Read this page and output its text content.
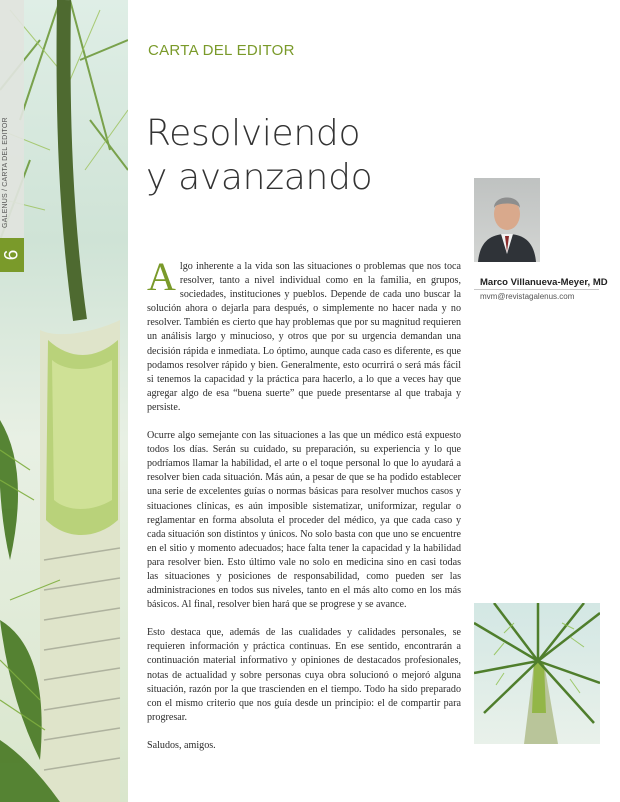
GALENUS / CARTA DEL EDITOR
6
CARTA DEL EDITOR
Resolviendo
y avanzando

Algo inherente a la vida son las situaciones o problemas que nos toca resolver, tanto a nivel individual como en la familia, en grupos, sociedades, instituciones y pueblos. Depende de cada uno buscar la solución ahora o dejarla para después, o simplemente no hacer nada y no resolver. También es cierto que hay problemas que por su magnitud requieren un análisis largo y minucioso, y otros que por su urgencia demandan una decisión rápida e inmediata. Lo óptimo, aunque cada caso es diferente, es que podamos resolver rápido y bien. Generalmente, esto ocurrirá o será más fácil si tenemos la capacidad y la práctica para hacerlo, a lo que a veces hay que agregar algo de esa “buena suerte” que puede presentarse al que trabaja y persiste.

Ocurre algo semejante con las situaciones a las que un médico está expuesto todos los días. Serán su cuidado, su preparación, su experiencia y lo que podríamos llamar la habilidad, el arte o el toque personal lo que lo ayudará a resolver bien cada situación. Más aún, a pesar de que se ha podido establecer una serie de excelentes guías o normas básicas para resolver muchos casos y situaciones clínicas, es aún imposible sistematizar, uniformizar, regular o reglamentar en forma absoluta el proceder del médico, ya que cada caso y cada situación son distintos y únicos. No solo basta con que uno se encuentre en el sitio y momento adecuados; hace falta tener la capacidad y la habilidad para resolver bien. Esto último vale no solo en medicina sino en casi todas las situaciones y posiciones de responsabilidad, como pueden ser las administraciones en todos sus niveles, tanto en el más alto como en los más básicos. Al final, resolver bien hará que se progrese y se avance.

Esto destaca que, además de las cualidades y calidades personales, se requieren información y práctica continuas. En ese sentido, encontrarán a continuación material informativo y opiniones de destacados profesionales, notas de actualidad y sobre personas cuya obra solucionó o mejoró alguna situación, razón por la que trascienden en el tiempo. Todo ha sido preparado con el mismo criterio que nos guía desde un principio: el de compartir para progresar.

Saludos, amigos.

Marco Villanueva-Meyer, MD
mvm@revistagalenus.com
